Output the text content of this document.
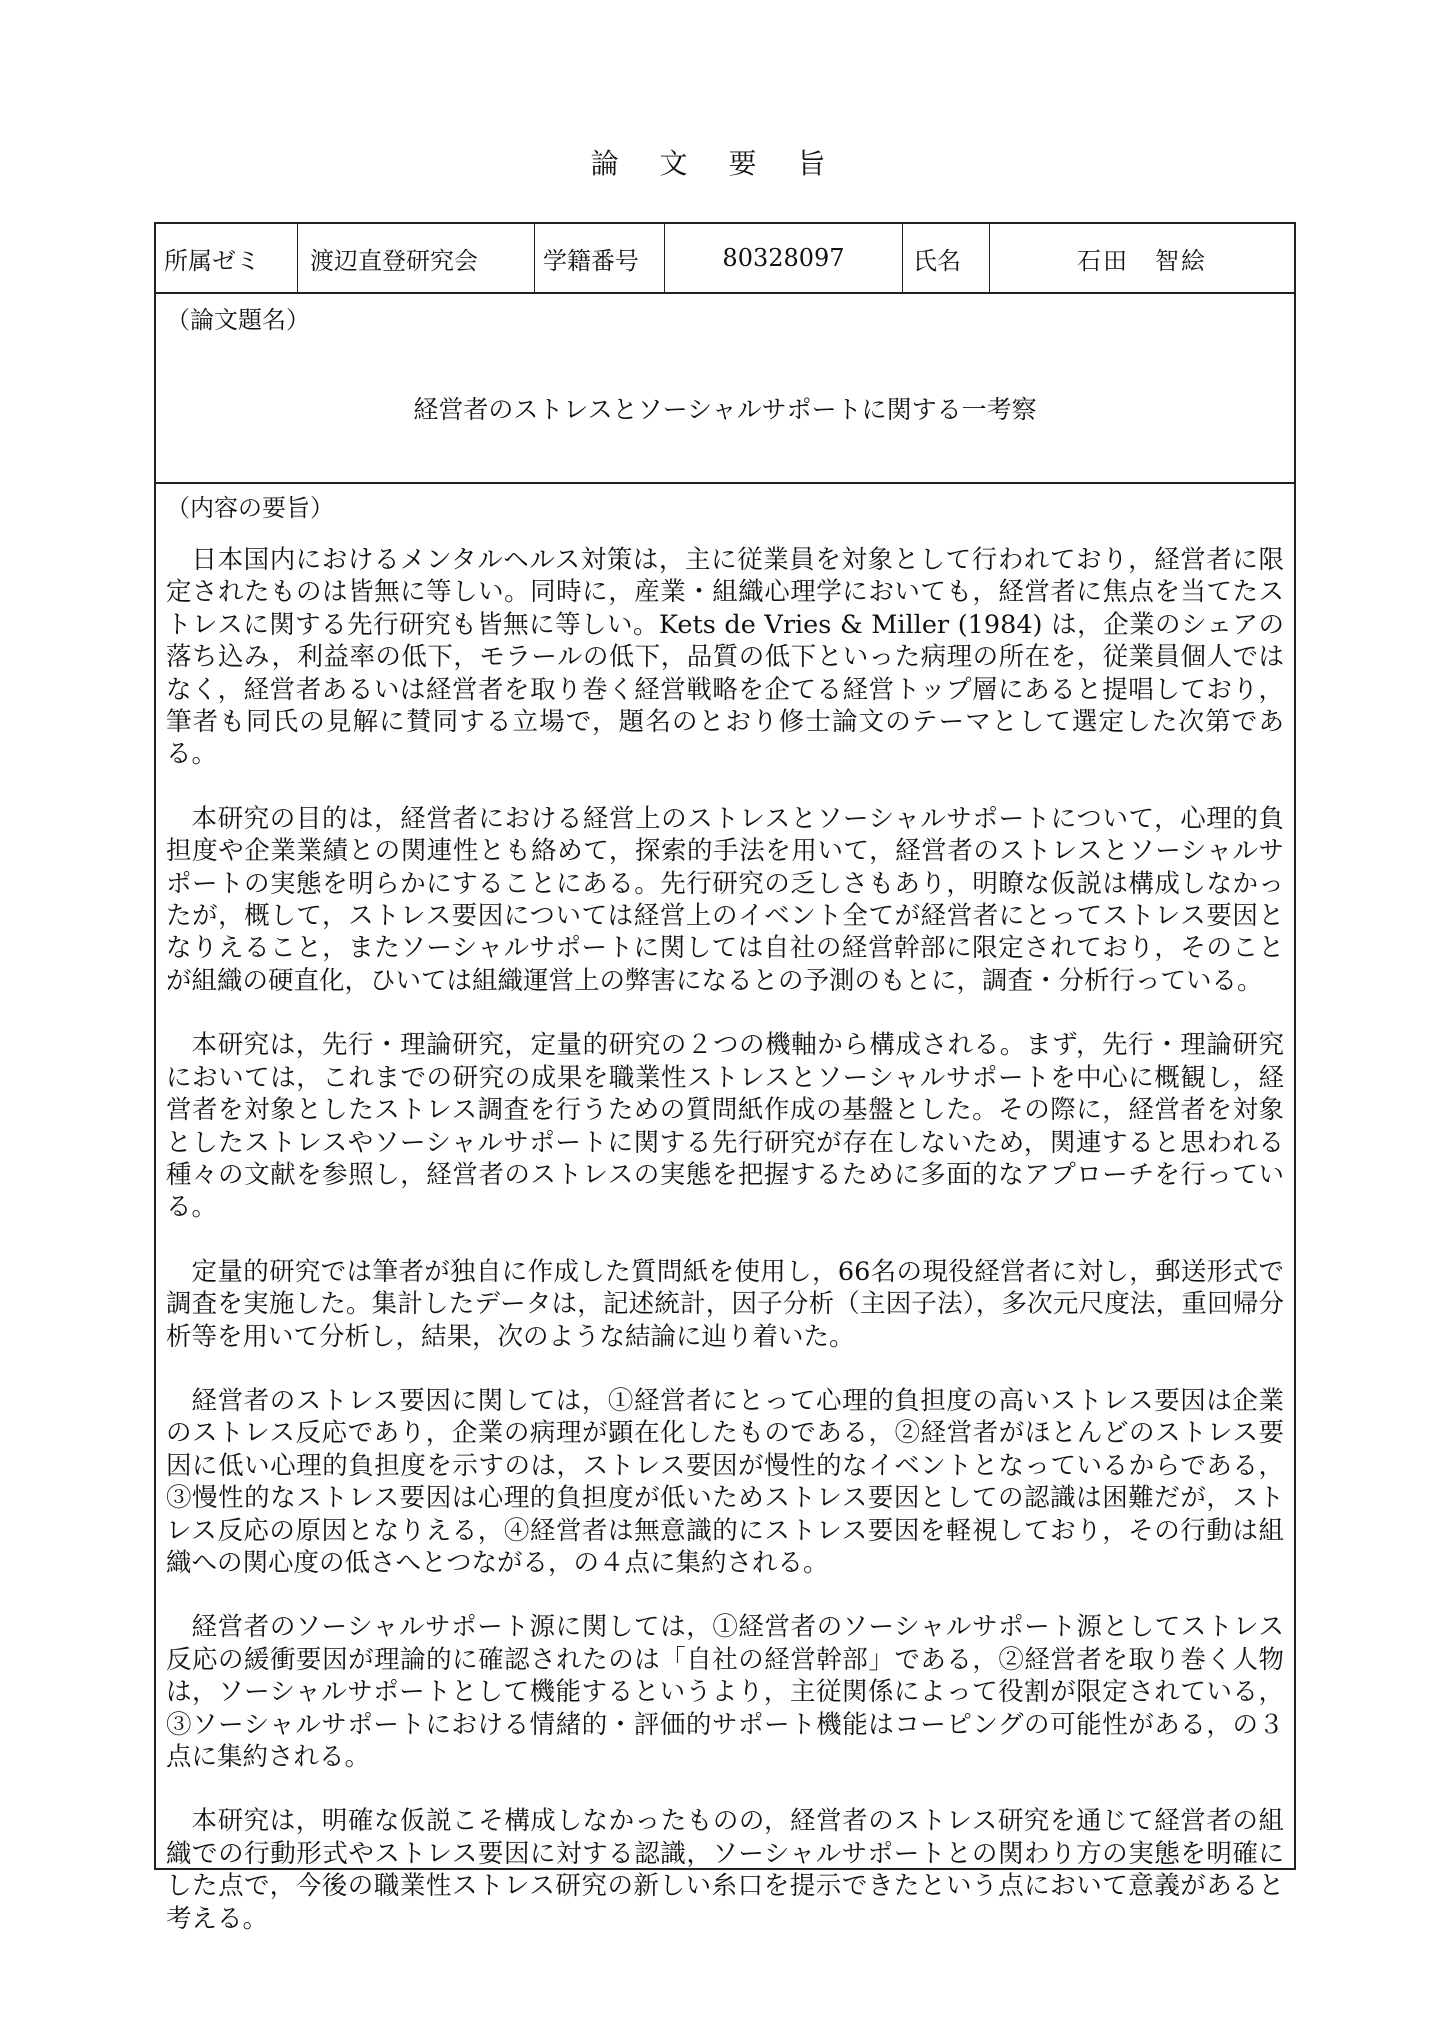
論 文 要 旨
所属ゼミ	渡辺直登研究会	学籍番号	80328097	氏名	石田　智絵
（論文題名）
経営者のストレスとソーシャルサポートに関する一考察
（内容の要旨）

日本国内におけるメンタルヘルス対策は，主に従業員を対象として行われており，経営者に限定されたものは皆無に等しい。同時に，産業・組織心理学においても，経営者に焦点を当てたストレスに関する先行研究も皆無に等しい。Kets de Vries & Miller (1984) は，企業のシェアの落ち込み，利益率の低下，モラールの低下，品質の低下といった病理の所在を，従業員個人ではなく，経営者あるいは経営者を取り巻く経営戦略を企てる経営トップ層にあると提唱しており，筆者も同氏の見解に賛同する立場で，題名のとおり修士論文のテーマとして選定した次第である。

本研究の目的は，経営者における経営上のストレスとソーシャルサポートについて，心理的負担度や企業業績との関連性とも絡めて，探索的手法を用いて，経営者のストレスとソーシャルサポートの実態を明らかにすることにある。先行研究の乏しさもあり，明瞭な仮説は構成しなかったが，概して，ストレス要因については経営上のイベント全てが経営者にとってストレス要因となりえること，またソーシャルサポートに関しては自社の経営幹部に限定されており，そのことが組織の硬直化，ひいては組織運営上の弊害になるとの予測のもとに，調査・分析行っている。

本研究は，先行・理論研究，定量的研究の２つの機軸から構成される。まず，先行・理論研究においては，これまでの研究の成果を職業性ストレスとソーシャルサポートを中心に概観し，経営者を対象としたストレス調査を行うための質問紙作成の基盤とした。その際に，経営者を対象としたストレスやソーシャルサポートに関する先行研究が存在しないため，関連すると思われる種々の文献を参照し，経営者のストレスの実態を把握するために多面的なアプローチを行っている。

定量的研究では筆者が独自に作成した質問紙を使用し，66名の現役経営者に対し，郵送形式で調査を実施した。集計したデータは，記述統計，因子分析（主因子法），多次元尺度法，重回帰分析等を用いて分析し，結果，次のような結論に辿り着いた。

経営者のストレス要因に関しては，①経営者にとって心理的負担度の高いストレス要因は企業のストレス反応であり，企業の病理が顕在化したものである，②経営者がほとんどのストレス要因に低い心理的負担度を示すのは，ストレス要因が慢性的なイベントとなっているからである，③慢性的なストレス要因は心理的負担度が低いためストレス要因としての認識は困難だが，ストレス反応の原因となりえる，④経営者は無意識的にストレス要因を軽視しており，その行動は組織への関心度の低さへとつながる，の４点に集約される。

経営者のソーシャルサポート源に関しては，①経営者のソーシャルサポート源としてストレス反応の緩衝要因が理論的に確認されたのは「自社の経営幹部」である，②経営者を取り巻く人物は，ソーシャルサポートとして機能するというより，主従関係によって役割が限定されている，③ソーシャルサポートにおける情緒的・評価的サポート機能はコーピングの可能性がある，の３点に集約される。

本研究は，明確な仮説こそ構成しなかったものの，経営者のストレス研究を通じて経営者の組織での行動形式やストレス要因に対する認識，ソーシャルサポートとの関わり方の実態を明確にした点で，今後の職業性ストレス研究の新しい糸口を提示できたという点において意義があると考える。
